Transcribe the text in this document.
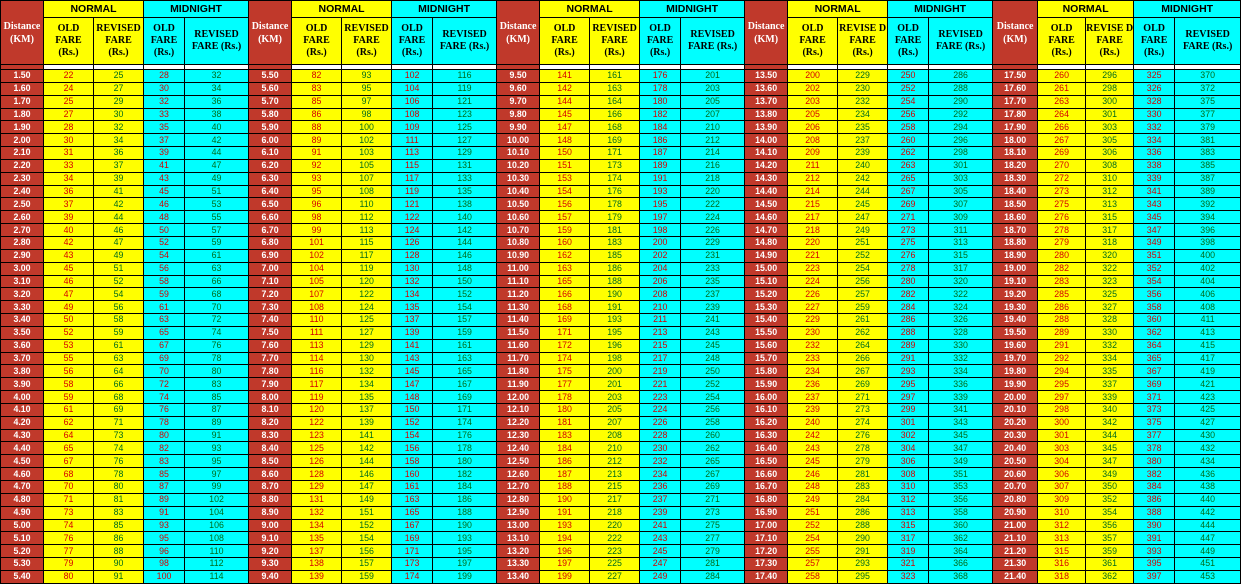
Distance (KM)	NORMAL		MIDNIGHT		Distance (KM)	NORMAL		MIDNIGHT		Distance (KM)	NORMAL		MIDNIGHT		Distance (KM)	NORMAL		MIDNIGHT		Distance (KM)	NORMAL		MIDNIGHT	
	OLD FARE (Rs.)	REVISED FARE (Rs.)	OLD FARE (Rs.)	REVISED FARE (Rs.)		OLD FARE (Rs.)	REVISED FARE (Rs.)	OLD FARE (Rs.)	REVISED FARE (Rs.)		OLD FARE (Rs.)	REVISED FARE (Rs.)	OLD FARE (Rs.)	REVISED FARE (Rs.)		OLD FARE (Rs.)	REVISE D FARE (Rs.)	OLD FARE (Rs.)	REVISED FARE (Rs.)		OLD FARE (Rs.)	REVISE D FARE (Rs.)	OLD FARE (Rs.)	REVISED FARE (Rs.)

1.50	22	25	28	32	5.50	82	93	102	116	9.50	141	161	176	201	13.50	200	229	250	286	17.50	260	296	325	370
1.60	24	27	30	34	5.60	83	95	104	119	9.60	142	163	178	203	13.60	202	230	252	288	17.60	261	298	326	372
1.70	25	29	32	36	5.70	85	97	106	121	9.70	144	164	180	205	13.70	203	232	254	290	17.70	263	300	328	375
1.80	27	30	33	38	5.80	86	98	108	123	9.80	145	166	182	207	13.80	205	234	256	292	17.80	264	301	330	377
1.90	28	32	35	40	5.90	88	100	109	125	9.90	147	168	184	210	13.90	206	235	258	294	17.90	266	303	332	379
2.00	30	34	37	42	6.00	89	102	111	127	10.00	148	169	186	212	14.00	208	237	260	296	18.00	267	305	334	381
2.10	31	36	39	44	6.10	91	103	113	129	10.10	150	171	187	214	14.10	209	239	262	298	18.10	269	306	336	383
2.20	33	37	41	47	6.20	92	105	115	131	10.20	151	173	189	216	14.20	211	240	263	301	18.20	270	308	338	385
2.30	34	39	43	49	6.30	93	107	117	133	10.30	153	174	191	218	14.30	212	242	265	303	18.30	272	310	339	387
2.40	36	41	45	51	6.40	95	108	119	135	10.40	154	176	193	220	14.40	214	244	267	305	18.40	273	312	341	389
2.50	37	42	46	53	6.50	96	110	121	138	10.50	156	178	195	222	14.50	215	245	269	307	18.50	275	313	343	392
2.60	39	44	48	55	6.60	98	112	122	140	10.60	157	179	197	224	14.60	217	247	271	309	18.60	276	315	345	394
2.70	40	46	50	57	6.70	99	113	124	142	10.70	159	181	198	226	14.70	218	249	273	311	18.70	278	317	347	396
2.80	42	47	52	59	6.80	101	115	126	144	10.80	160	183	200	229	14.80	220	251	275	313	18.80	279	318	349	398
2.90	43	49	54	61	6.90	102	117	128	146	10.90	162	185	202	231	14.90	221	252	276	315	18.90	280	320	351	400
3.00	45	51	56	63	7.00	104	119	130	148	11.00	163	186	204	233	15.00	223	254	278	317	19.00	282	322	352	402
3.10	46	52	58	66	7.10	105	120	132	150	11.10	165	188	206	235	15.10	224	256	280	320	19.10	283	323	354	404
3.20	47	54	59	68	7.20	107	122	134	152	11.20	166	190	208	237	15.20	226	257	282	322	19.20	285	325	356	406
3.30	49	56	61	70	7.30	108	124	135	154	11.30	168	191	210	239	15.30	227	259	284	324	19.30	286	327	358	408
3.40	50	58	63	72	7.40	110	125	137	157	11.40	169	193	211	241	15.40	229	261	286	326	19.40	288	328	360	411
3.50	52	59	65	74	7.50	111	127	139	159	11.50	171	195	213	243	15.50	230	262	288	328	19.50	289	330	362	413
3.60	53	61	67	76	7.60	113	129	141	161	11.60	172	196	215	245	15.60	232	264	289	330	19.60	291	332	364	415
3.70	55	63	69	78	7.70	114	130	143	163	11.70	174	198	217	248	15.70	233	266	291	332	19.70	292	334	365	417
3.80	56	64	70	80	7.80	116	132	145	165	11.80	175	200	219	250	15.80	234	267	293	334	19.80	294	335	367	419
3.90	58	66	72	83	7.90	117	134	147	167	11.90	177	201	221	252	15.90	236	269	295	336	19.90	295	337	369	421
4.00	59	68	74	85	8.00	119	135	148	169	12.00	178	203	223	254	16.00	237	271	297	339	20.00	297	339	371	423
4.10	61	69	76	87	8.10	120	137	150	171	12.10	180	205	224	256	16.10	239	273	299	341	20.10	298	340	373	425
4.20	62	71	78	89	8.20	122	139	152	174	12.20	181	207	226	258	16.20	240	274	301	343	20.20	300	342	375	427
4.30	64	73	80	91	8.30	123	141	154	176	12.30	183	208	228	260	16.30	242	276	302	345	20.30	301	344	377	430
4.40	65	74	82	93	8.40	125	142	156	178	12.40	184	210	230	262	16.40	243	278	304	347	20.40	303	345	378	432
4.50	67	76	83	95	8.50	126	144	158	180	12.50	186	212	232	265	16.50	245	279	306	349	20.50	304	347	380	434
4.60	68	78	85	97	8.60	128	146	160	182	12.60	187	213	234	267	16.60	246	281	308	351	20.60	306	349	382	436
4.70	70	80	87	99	8.70	129	147	161	184	12.70	188	215	236	269	16.70	248	283	310	353	20.70	307	350	384	438
4.80	71	81	89	102	8.80	131	149	163	186	12.80	190	217	237	271	16.80	249	284	312	356	20.80	309	352	386	440
4.90	73	83	91	104	8.90	132	151	165	188	12.90	191	218	239	273	16.90	251	286	313	358	20.90	310	354	388	442
5.00	74	85	93	106	9.00	134	152	167	190	13.00	193	220	241	275	17.00	252	288	315	360	21.00	312	356	390	444
5.10	76	86	95	108	9.10	135	154	169	193	13.10	194	222	243	277	17.10	254	290	317	362	21.10	313	357	391	447
5.20	77	88	96	110	9.20	137	156	171	195	13.20	196	223	245	279	17.20	255	291	319	364	21.20	315	359	393	449
5.30	79	90	98	112	9.30	138	157	173	197	13.30	197	225	247	281	17.30	257	293	321	366	21.30	316	361	395	451
5.40	80	91	100	114	9.40	139	159	174	199	13.40	199	227	249	284	17.40	258	295	323	368	21.40	318	362	397	453
